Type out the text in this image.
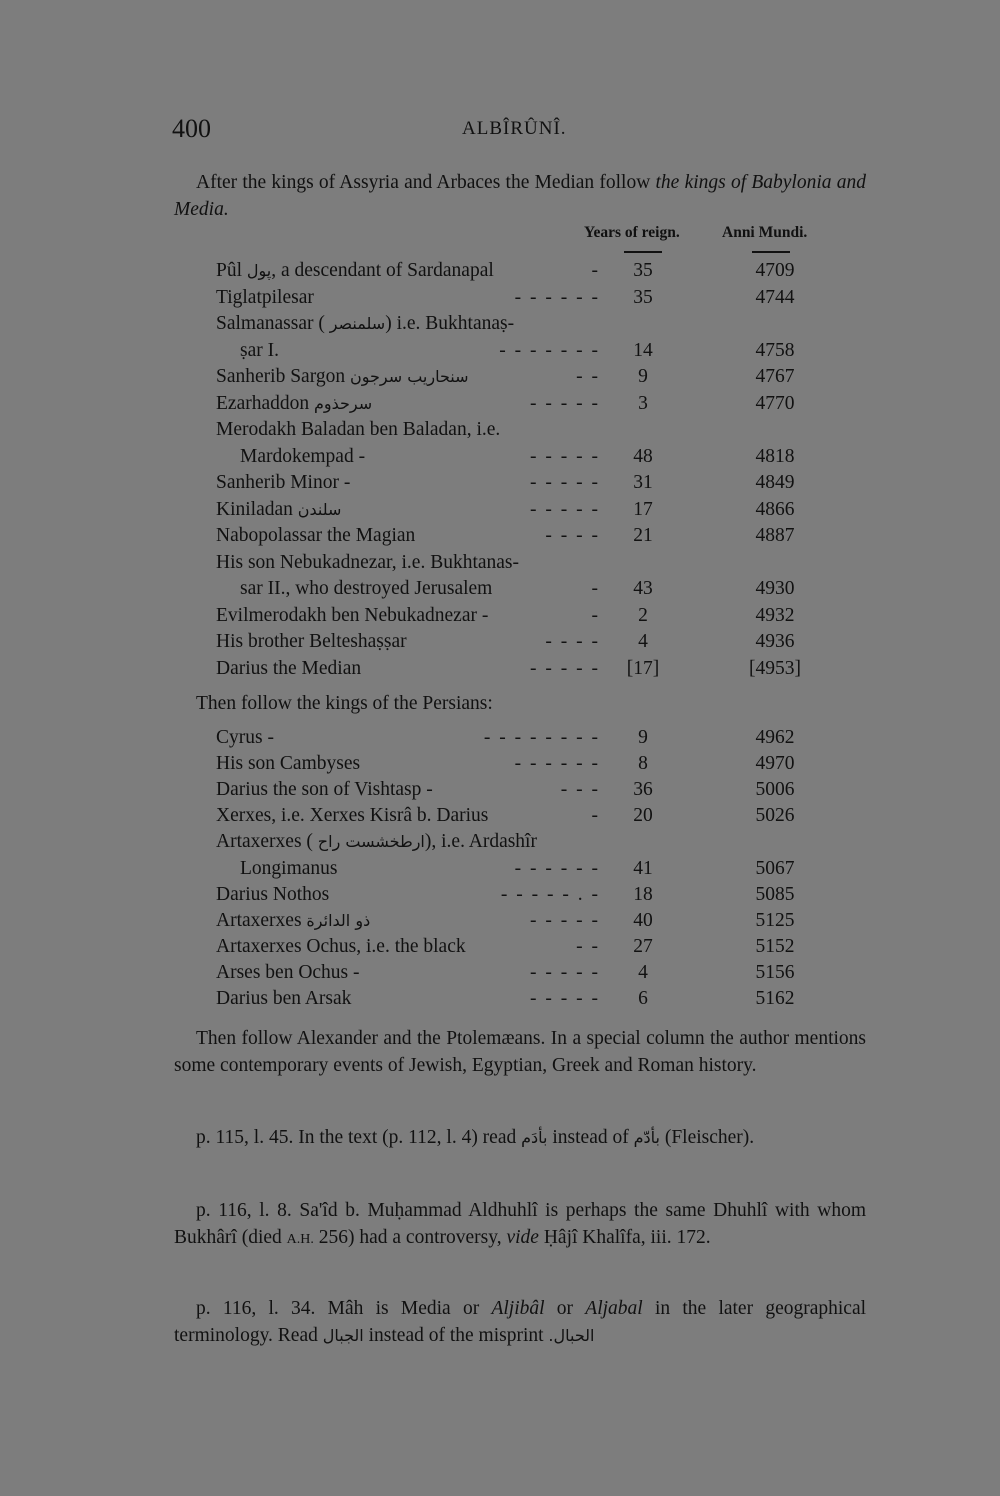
400	ALBÎRÛNÎ.
After the kings of Assyria and Arbaces the Median follow the kings of Babylonia and Media.
Years of reign.	Anni Mundi.
Pûl پول, a descendant of Sardanapal	-	35	4709
Tiglatpilesar	- - - - - -	35	4744
Salmanassar ( سلمنصر) i.e. Bukhtanaṣ-
ṣar I.	- - - - - - -	14	4758
Sanherib Sargon سنحاريب سرجون	- -	9	4767
Ezarhaddon سرحذوم	- - - - -	3	4770
Merodakh Baladan ben Baladan, i.e.
Mardokempad -	- - - - -	48	4818
Sanherib Minor -	- - - - -	31	4849
Kiniladan سلندن	- - - - -	17	4866
Nabopolassar the Magian	- - - -	21	4887
His son Nebukadnezar, i.e. Bukhtanas-
sar II., who destroyed Jerusalem	-	43	4930
Evilmerodakh ben Nebukadnezar -	-	2	4932
His brother Belteshaṣṣar	- - - -	4	4936
Darius the Median	- - - - -	[17]	[4953]
Then follow the kings of the Persians:
Cyrus -	- - - - - - - -	9	4962
His son Cambyses	- - - - - -	8	4970
Darius the son of Vishtasp -	- - -	36	5006
Xerxes, i.e. Xerxes Kisrâ b. Darius	-	20	5026
Artaxerxes ( ارطخشست راح), i.e. Ardashîr
Longimanus	- - - - - -	41	5067
Darius Nothos	- - - - - . -	18	5085
Artaxerxes ذو الدائرة	- - - - -	40	5125
Artaxerxes Ochus, i.e. the black	- -	27	5152
Arses ben Ochus -	- - - - -	4	5156
Darius ben Arsak	- - - - -	6	5162
Then follow Alexander and the Ptolemæans. In a special column the author mentions some contemporary events of Jewish, Egyptian, Greek and Roman history.
p. 115, l. 45. In the text (p. 112, l. 4) read بأدَم instead of بأدّم (Fleischer).
p. 116, l. 8. Sa'îd b. Muḥammad Aldhuhlî is perhaps the same Dhuhlî with whom Bukhârî (died A.H. 256) had a controversy, vide Ḥâjî Khalîfa, iii. 172.
p. 116, l. 34. Mâh is Media or Aljibâl or Aljabal in the later geographical terminology. Read الجبال instead of the misprint الحبال.
